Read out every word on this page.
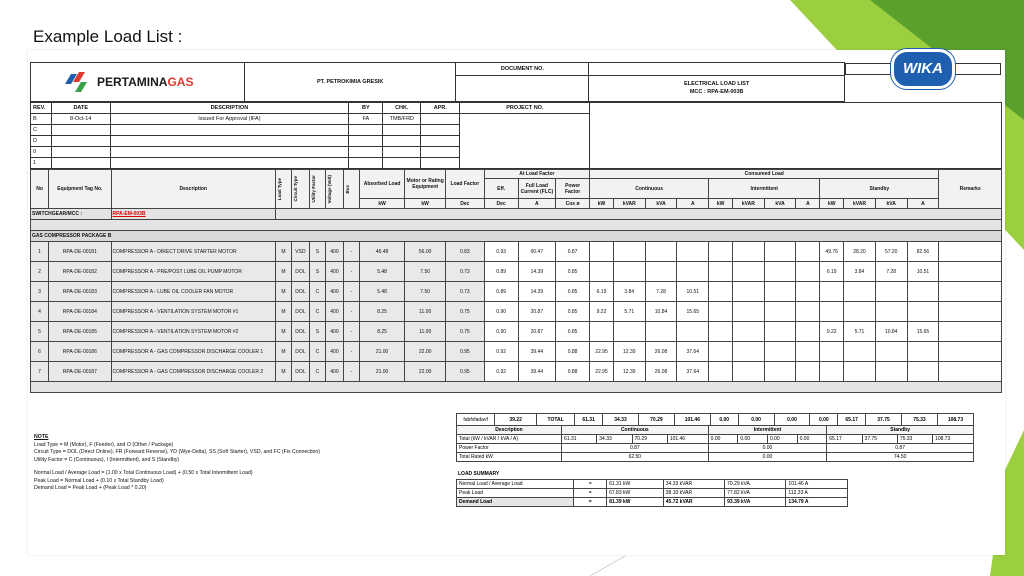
Example Load List :
PERTAMINAGAS	PT. PETROKIMIA GRESIK	DOCUMENT NO.			WIKA

			ELECTRICAL LOAD LIST
MCC : RPA-EM-003B
REV.	DATE	DESCRIPTION	BY	CHK.	APR.	PROJECT NO.	
B	8-Oct-14	Issued For Approval (IFA)	FA	TMB/FRD			
C							
D							
0							
1							
No	Equipment Tag No.	Description	Load Type	Circuit Type	Utility Factor	Voltage (Volt)	Bus	Absorbed Load	Motor or Rating Equipment	Load Factor	At Load Factor			Consumed Load												Remarks
											Eff.	Full Load Current (FLC)	Power Factor	Continuous				Intermittent				Standby				
								kW	kW	Dec	Dec	A	Cos ø	kW	kVAR	kVA	A	kW	kVAR	kVA	A	kW	kVAR	kVA	A	
SWITCHGEAR/MCC :		RPA-EM-003B																								

GAS COMPRESSOR PACKAGE B																										
1	RPA-DE-00181	COMPRESSOR A - DIRECT DRIVE STARTER MOTOR	M	VSD	S	400	-	46.48	56.00	0.83	0.93	90.47	0.87									49.76	28.20	57.20	82.56	
2	RPA-DE-00182	COMPRESSOR A - PRE/POST LUBE OIL PUMP MOTOR	M	DOL	S	400	-	5.48	7.50	0.73	0.89	14.39	0.85									6.19	3.84	7.28	10.51	
3	RPA-DE-00183	COMPRESSOR A - LUBE OIL COOLER FAN MOTOR	M	DOL	C	400	-	5.48	7.50	0.73	0.89	14.39	0.85	6.19	3.84	7.28	10.51									
4	RPA-DE-00184	COMPRESSOR A - VENTILATION SYSTEM MOTOR #1	M	DOL	C	400	-	8.25	11.00	0.75	0.90	20.87	0.85	9.22	5.71	10.84	15.65									
5	RPA-DE-00185	COMPRESSOR A - VENTILATION SYSTEM MOTOR #2	M	DOL	S	400	-	8.25	11.00	0.75	0.90	20.87	0.85									9.22	5.71	10.84	15.65	
6	RPA-DE-00186	COMPRESSOR A - GAS COMPRESSOR DISCHARGE COOLER 1	M	DOL	C	400	-	21.00	22.00	0.95	0.92	39.44	0.88	22.95	12.39	26.08	37.64									
7	RPA-DE-00187	COMPRESSOR A - GAS COMPRESSOR DISCHARGE COOLER 2	M	DOL	C	400	-	21.00	22.00	0.95	0.92	39.44	0.88	22.95	12.39	26.08	37.64									

fabfvfadavf	39.22	TOTAL	61.31	34.33	70.29	101.46	0.00	0.00	0.00	0.00	65.17	37.75	75.33	108.73
NOTE
Load Type = M (Motor), F (Feeder), and O (Other / Package)
Circuit Type = DOL (Direct Online), FR (Forward Reverse), YD (Wye-Delta), SS (Soft Starter), VSD, and FC (Fix Connection)
Utility Factor = C (Continuous), I (Intermittent), and S (Standby)
Normal Load / Average Load = (1.00 x Total Continuous Load) + (0.50 x Total Intermittent Load)
Peak Load = Normal Load + (0.10 x Total Standby Load)
Demand Load = Peak Load + (Peak Load * 0.20)
Description	Continuous				Intermittent				Standby			
Total (kW / kVAR / kVA / A)	61.31	34.33	70.29	101.46	0.00	0.00	0.00	0.00	65.17	37.75	75.33	108.73
Power Factor	0.87				0.00				0.87			
Total Rated kW	62.50				0.00				74.50			
LOAD SUMMARY
Normal Load / Average Load	=	61.31 kW	34.33 kVAR	70.29 kVA	101.46 A
Peak Load	=	67.83 kW	38.10 kVAR	77.82 kVA	112.33 A
Demand Load	=	81.39 kW	45.72 kVAR	93.39 kVA	134.79 A
